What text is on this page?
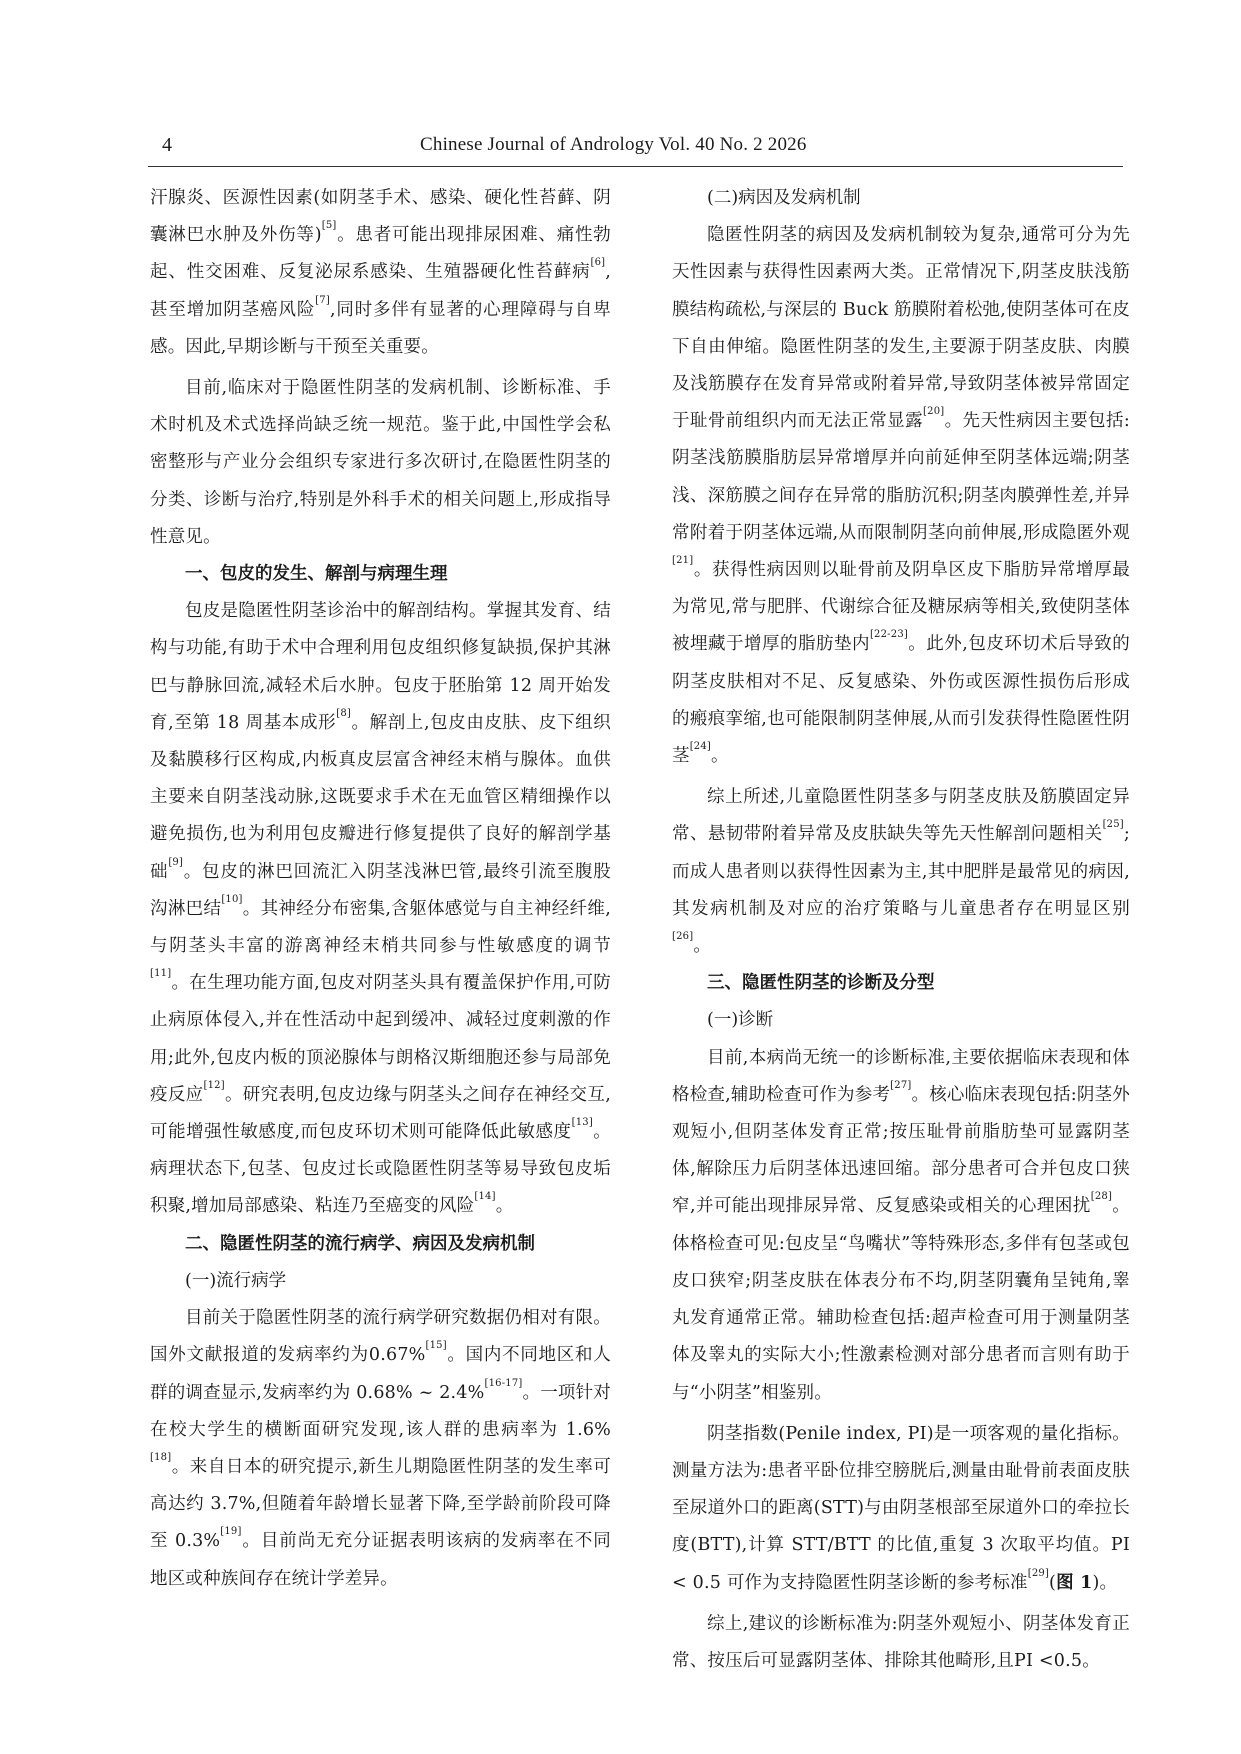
4	Chinese Journal of Andrology Vol. 40 No. 2 2026

汗腺炎、医源性因素(如阴茎手术、感染、硬化性苔藓、阴囊淋巴水肿及外伤等)[5]。患者可能出现排尿困难、痛性勃起、性交困难、反复泌尿系感染、生殖器硬化性苔藓病[6],甚至增加阴茎癌风险[7],同时多伴有显著的心理障碍与自卑感。因此,早期诊断与干预至关重要。

目前,临床对于隐匿性阴茎的发病机制、诊断标准、手术时机及术式选择尚缺乏统一规范。鉴于此,中国性学会私密整形与产业分会组织专家进行多次研讨,在隐匿性阴茎的分类、诊断与治疗,特别是外科手术的相关问题上,形成指导性意见。

一、包皮的发生、解剖与病理生理

包皮是隐匿性阴茎诊治中的解剖结构。掌握其发育、结构与功能,有助于术中合理利用包皮组织修复缺损,保护其淋巴与静脉回流,减轻术后水肿。包皮于胚胎第 12 周开始发育,至第 18 周基本成形[8]。解剖上,包皮由皮肤、皮下组织及黏膜移行区构成,内板真皮层富含神经末梢与腺体。血供主要来自阴茎浅动脉,这既要求手术在无血管区精细操作以避免损伤,也为利用包皮瓣进行修复提供了良好的解剖学基础[9]。包皮的淋巴回流汇入阴茎浅淋巴管,最终引流至腹股沟淋巴结[10]。其神经分布密集,含躯体感觉与自主神经纤维,与阴茎头丰富的游离神经末梢共同参与性敏感度的调节[11]。在生理功能方面,包皮对阴茎头具有覆盖保护作用,可防止病原体侵入,并在性活动中起到缓冲、减轻过度刺激的作用;此外,包皮内板的顶泌腺体与朗格汉斯细胞还参与局部免疫反应[12]。研究表明,包皮边缘与阴茎头之间存在神经交互,可能增强性敏感度,而包皮环切术则可能降低此敏感度[13]。病理状态下,包茎、包皮过长或隐匿性阴茎等易导致包皮垢积聚,增加局部感染、粘连乃至癌变的风险[14]。

二、隐匿性阴茎的流行病学、病因及发病机制

(一)流行病学

目前关于隐匿性阴茎的流行病学研究数据仍相对有限。国外文献报道的发病率约为0.67%[15]。国内不同地区和人群的调查显示,发病率约为 0.68% ~ 2.4%[16-17]。一项针对在校大学生的横断面研究发现,该人群的患病率为 1.6%[18]。来自日本的研究提示,新生儿期隐匿性阴茎的发生率可高达约 3.7%,但随着年龄增长显著下降,至学龄前阶段可降至 0.3%[19]。目前尚无充分证据表明该病的发病率在不同地区或种族间存在统计学差异。

(二)病因及发病机制

隐匿性阴茎的病因及发病机制较为复杂,通常可分为先天性因素与获得性因素两大类。正常情况下,阴茎皮肤浅筋膜结构疏松,与深层的 Buck 筋膜附着松弛,使阴茎体可在皮下自由伸缩。隐匿性阴茎的发生,主要源于阴茎皮肤、肉膜及浅筋膜存在发育异常或附着异常,导致阴茎体被异常固定于耻骨前组织内而无法正常显露[20]。先天性病因主要包括:阴茎浅筋膜脂肪层异常增厚并向前延伸至阴茎体远端;阴茎浅、深筋膜之间存在异常的脂肪沉积;阴茎肉膜弹性差,并异常附着于阴茎体远端,从而限制阴茎向前伸展,形成隐匿外观[21]。获得性病因则以耻骨前及阴阜区皮下脂肪异常增厚最为常见,常与肥胖、代谢综合征及糖尿病等相关,致使阴茎体被埋藏于增厚的脂肪垫内[22-23]。此外,包皮环切术后导致的阴茎皮肤相对不足、反复感染、外伤或医源性损伤后形成的瘢痕挛缩,也可能限制阴茎伸展,从而引发获得性隐匿性阴茎[24]。

综上所述,儿童隐匿性阴茎多与阴茎皮肤及筋膜固定异常、悬韧带附着异常及皮肤缺失等先天性解剖问题相关[25];而成人患者则以获得性因素为主,其中肥胖是最常见的病因,其发病机制及对应的治疗策略与儿童患者存在明显区别[26]。

三、隐匿性阴茎的诊断及分型

(一)诊断

目前,本病尚无统一的诊断标准,主要依据临床表现和体格检查,辅助检查可作为参考[27]。核心临床表现包括:阴茎外观短小,但阴茎体发育正常;按压耻骨前脂肪垫可显露阴茎体,解除压力后阴茎体迅速回缩。部分患者可合并包皮口狭窄,并可能出现排尿异常、反复感染或相关的心理困扰[28]。体格检查可见:包皮呈“鸟嘴状”等特殊形态,多伴有包茎或包皮口狭窄;阴茎皮肤在体表分布不均,阴茎阴囊角呈钝角,睾丸发育通常正常。辅助检查包括:超声检查可用于测量阴茎体及睾丸的实际大小;性激素检测对部分患者而言则有助于与“小阴茎”相鉴别。

阴茎指数(Penile index, PI)是一项客观的量化指标。测量方法为:患者平卧位排空膀胱后,测量由耻骨前表面皮肤至尿道外口的距离(STT)与由阴茎根部至尿道外口的牵拉长度(BTT),计算 STT/BTT 的比值,重复 3 次取平均值。PI < 0.5 可作为支持隐匿性阴茎诊断的参考标准[29](图 1)。

综上,建议的诊断标准为:阴茎外观短小、阴茎体发育正常、按压后可显露阴茎体、排除其他畸形,且PI <0.5。
